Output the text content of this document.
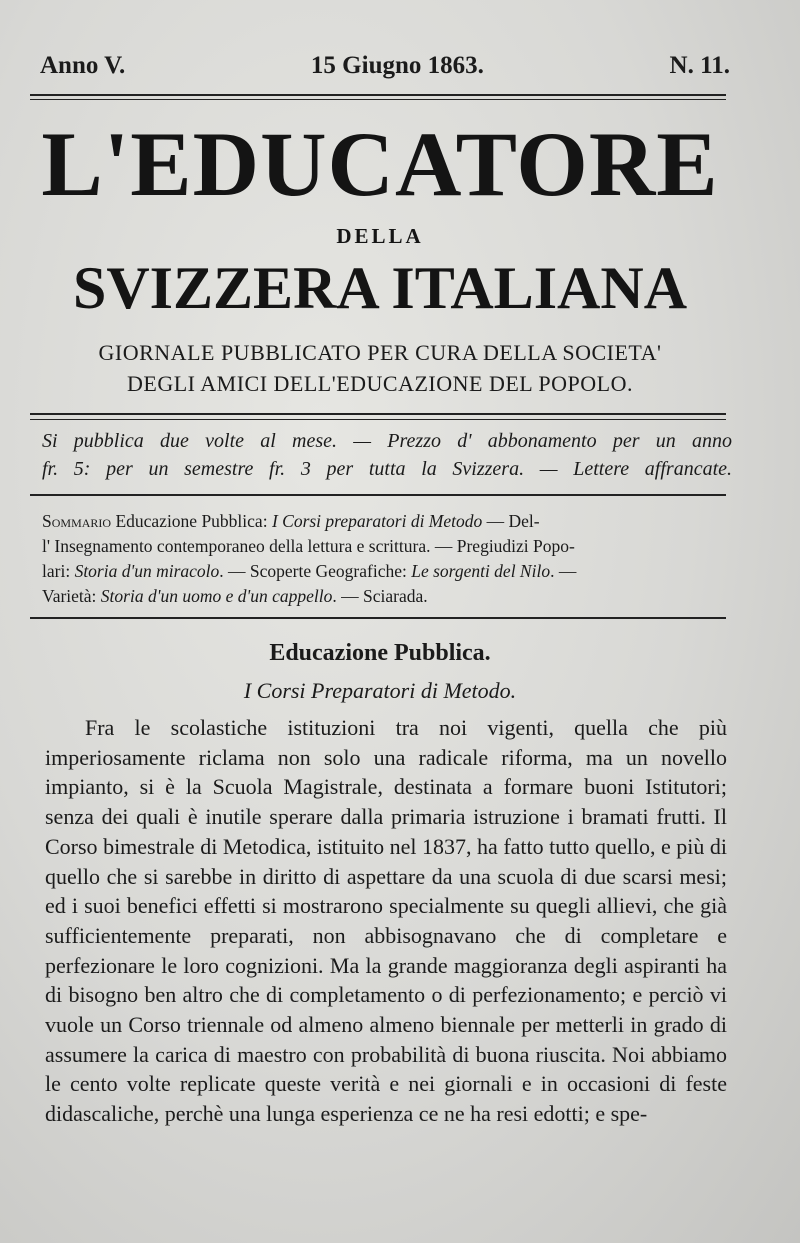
Anno V.	15 Giugno 1863.	N. 11.
L'EDUCATORE
DELLA
SVIZZERA ITALIANA
GIORNALE PUBBLICATO PER CURA DELLA SOCIETA'
DEGLI AMICI DELL'EDUCAZIONE DEL POPOLO.
Si pubblica due volte al mese. — Prezzo d' abbonamento per un anno
fr. 5: per un semestre fr. 3 per tutta la Svizzera. — Lettere affrancate.
Sommario Educazione Pubblica: I Corsi preparatori di Metodo — Del-
l' Insegnamento contemporaneo della lettura e scrittura. — Pregiudizi Popo-
lari: Storia d'un miracolo. — Scoperte Geografiche: Le sorgenti del Nilo. —
Varietà: Storia d'un uomo e d'un cappello. — Sciarada.
Educazione Pubblica.
I Corsi Preparatori di Metodo.

Fra le scolastiche istituzioni tra noi vigenti, quella che più imperiosamente riclama non solo una radicale riforma, ma un novello impianto, si è la Scuola Magistrale, destinata a formare buoni Istitutori; senza dei quali è inutile sperare dalla primaria istruzione i bramati frutti. Il Corso bimestrale di Metodica, istituito nel 1837, ha fatto tutto quello, e più di quello che si sarebbe in diritto di aspettare da una scuola di due scarsi mesi; ed i suoi benefici effetti si mostrarono specialmente su quegli allievi, che già sufficientemente preparati, non abbisognavano che di completare e perfezionare le loro cognizioni. Ma la grande maggioranza degli aspiranti ha di bisogno ben altro che di completamento o di perfezionamento; e perciò vi vuole un Corso triennale od almeno almeno biennale per metterli in grado di assumere la carica di maestro con probabilità di buona riuscita. Noi abbiamo le cento volte replicate queste verità e nei giornali e in occasioni di feste didascaliche, perchè una lunga esperienza ce ne ha resi edotti; e spe-
